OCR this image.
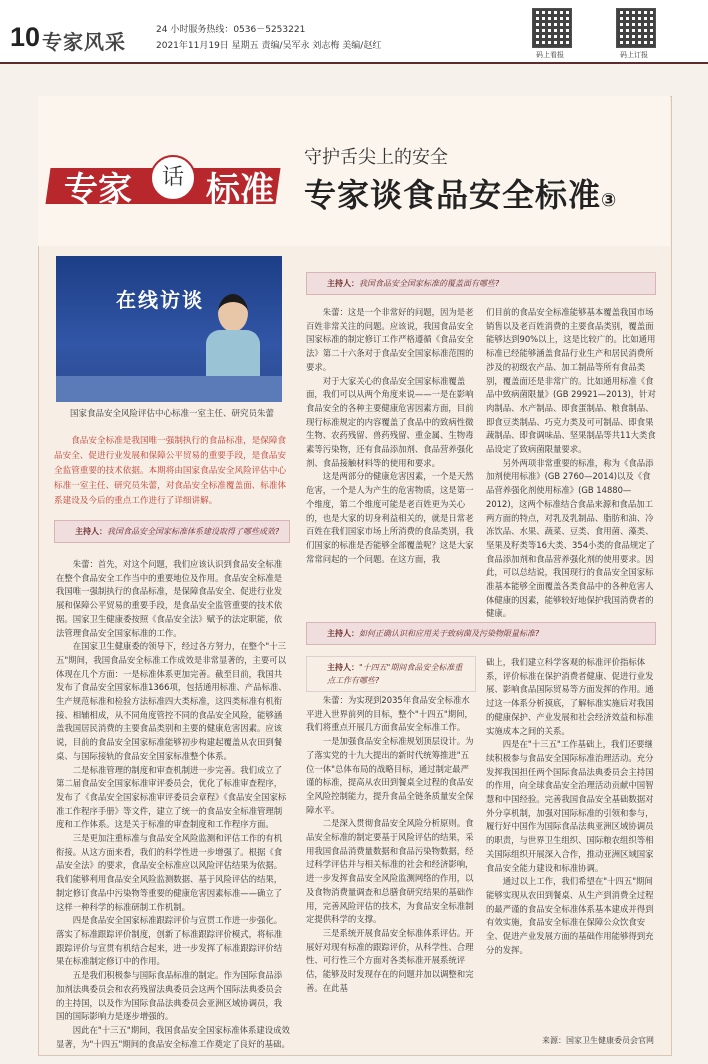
10 专家风采	24 小时服务热线：0536－5253221
2021年11月19日 星期五 责编/吴军永 刘志梅 美编/赵红
码上看报	码上订报
专家	话 标准
守护舌尖上的安全
专家谈食品安全标准③
在线访谈
国家食品安全风险评估中心标准一室主任、研究员朱蕾
食品安全标准是我国唯一强制执行的食品标准，是保障食品安全、促进行业发展和保障公平贸易的重要手段，是食品安全监管重要的技术依据。本期将由国家食品安全风险评估中心标准一室主任、研究员朱蕾，对食品安全标准覆盖面、标准体系建设及今后的重点工作进行了详细讲解。
主持人：我国食品安全国家标准体系建设取得了哪些成效?

朱蕾：首先，对这个问题，我们应该认识到食品安全标准在整个食品安全工作当中的重要地位及作用。食品安全标准是我国唯一强制执行的食品标准，是保障食品安全、促进行业发展和保障公平贸易的重要手段，是食品安全监管重要的技术依据。国家卫生健康委按照《食品安全法》赋予的法定职能，依法管理食品安全国家标准的工作。

在国家卫生健康委的领导下，经过各方努力，在整个"十三五"期间，我国食品安全标准工作成效是非常显著的，主要可以体现在几个方面：一是标准体系更加完善。截至目前，我国共发布了食品安全国家标准1366项，包括通用标准、产品标准、生产规范标准和检验方法标准四大类标准，这四类标准有机衔接、相辅相成，从不同角度管控不同的食品安全风险，能够涵盖我国居民消费的主要食品类别和主要的健康危害因素。应该说，目前的食品安全国家标准能够初步构建起覆盖从农田到餐桌、与国际接轨的食品安全国家标准整个体系。

二是标准管理的制度和审查机制进一步完善。我们成立了第二届食品安全国家标准审评委员会，优化了标准审查程序，发布了《食品安全国家标准审评委员会章程》《食品安全国家标准工作程序手册》等文件，建立了统一的食品安全标准管理制度和工作体系。这是关于标准的审查制度和工作程序方面。

三是更加注重标准与食品安全风险监测和评估工作的有机衔接。从这方面来看，我们的科学性进一步增强了。根据《食品安全法》的要求，食品安全标准应以风险评估结果为依据。我们能够利用食品安全风险监测数据、基于风险评估的结果，制定修订食品中污染物等重要的健康危害因素标准——确立了这样一种科学的标准研制工作机制。

四是食品安全国家标准跟踪评价与宣贯工作进一步强化。落实了标准跟踪评价制度，创新了标准跟踪评价模式，将标准跟踪评价与宣贯有机结合起来，进一步发挥了标准跟踪评价结果在标准制定修订中的作用。

五是我们积极参与国际食品标准的制定。作为国际食品添加剂法典委员会和农药残留法典委员会这两个国际法典委员会的主持国，以及作为国际食品法典委员会亚洲区域协调员，我国的国际影响力是逐步增强的。

因此在"十三五"期间，我国食品安全国家标准体系建设成效显著，为"十四五"期间的食品安全标准工作奠定了良好的基础。

主持人：我国食品安全国家标准的覆盖面有哪些?

朱蕾：这是一个非常好的问题，因为是老百姓非常关注的问题。应该说，我国食品安全国家标准的制定修订工作严格遵循《食品安全法》第二十六条对于食品安全国家标准范围的要求。

对于大家关心的食品安全国家标准覆盖面，我们可以从两个角度来说——一是在影响食品安全的各种主要健康危害因素方面，目前现行标准规定的内容覆盖了食品中的致病性微生物、农药残留、兽药残留、重金属、生物毒素等污染物，还有食品添加剂、食品营养强化剂、食品接触材料等的使用和要求。

这是两部分的健康危害因素，一个是天然危害，一个是人为产生的危害物质，这是第一个维度，第二个维度可能是老百姓更为关心的，也是大家的切身利益相关的，就是日常老百姓在我们国家市场上所消费的食品类别，我们国家的标准是否能够全部覆盖呢？这是大家常常问起的一个问题。在这方面，我

们目前的食品安全标准能够基本覆盖我国市场销售以及老百姓消费的主要食品类别，覆盖面能够达到90%以上，这是比较广的。比如通用标准已经能够涵盖食品行业生产和居民消费所涉及的初级农产品、加工制品等所有食品类别，覆盖面还是非常广的。比如通用标准《食品中致病菌限量》(GB 29921—2013)，针对肉制品、水产制品、即食蛋制品、粮食制品、即食豆类制品、巧克力类及可可制品、即食果蔬制品、即食调味品、坚果制品等共11大类食品设定了致病菌限量要求。

另外两项非常重要的标准，称为《食品添加剂使用标准》(GB 2760—2014)以及《食品营养强化剂使用标准》(GB 14880—2012)，这两个标准结合食品来源和食品加工两方面的特点，对乳及乳制品、脂肪和油、冷冻饮品、水果、蔬菜、豆类、食用菌、藻类、坚果及籽类等16大类、354小类的食品规定了食品添加剂和食品营养强化剂的使用要求。因此，可以总结说，我国现行的食品安全国家标准基本能够全面覆盖各类食品中的各种危害人体健康的因素，能够较好地保护我国消费者的健康。

主持人：如何正确认识和应用关于致病菌及污染物限量标准?
主持人："十四五"期间食品安全标准重点工作有哪些?

朱蕾：为实现到2035年食品安全标准水平进入世界前列的目标，整个"十四五"期间，我们将重点开展几方面食品安全标准工作。

一是加强食品安全标准规划顶层设计。为了落实党的十九大提出的新时代统筹推进"五位一体"总体布局的战略目标，通过制定最严谨的标准，提高从农田到餐桌全过程的食品安全风险控制能力，提升食品全链条质量安全保障水平。

二是深入贯彻食品安全风险分析原则。食品安全标准的制定要基于风险评估的结果，采用我国食品消费量数据和食品污染物数据，经过科学评估并与相关标准的社会和经济影响，进一步发挥食品安全风险监测网络的作用，以及食物消费量调查和总膳食研究结果的基础作用，完善风险评估的技术，为食品安全标准制定提供科学的支撑。

三是系统开展食品安全标准体系评估。开展好对现有标准的跟踪评价，从科学性、合理性、可行性三个方面对各类标准开展系统评估，能够及时发现存在的问题并加以调整和完善。在此基

础上，我们建立科学客观的标准评价指标体系，评价标准在保护消费者健康、促进行业发展、影响食品国际贸易等方面发挥的作用。通过这一体系分析摸底，了解标准实施后对我国的健康保护、产业发展和社会经济效益和标准实施成本之间的关系。

四是在"十三五"工作基础上，我们还要继续积极参与食品安全国际标准治理活动。充分发挥我国担任两个国际食品法典委员会主持国的作用，向全球食品安全治理活动贡献中国智慧和中国经验。完善我国食品安全基础数据对外分享机制，加强对国际标准的引领和参与，履行好中国作为国际食品法典亚洲区域协调员的职责，与世界卫生组织、国际粮农组织等相关国际组织开展深入合作，推动亚洲区域国家食品安全能力建设和标准协调。

通过以上工作，我们希望在"十四五"期间能够实现从农田到餐桌、从生产到消费全过程的最严谨的食品安全标准体系基本建成并得到有效实施，食品安全标准在保障公众饮食安全、促进产业发展方面的基础作用能够得到充分的发挥。

来源：国家卫生健康委员会官网
